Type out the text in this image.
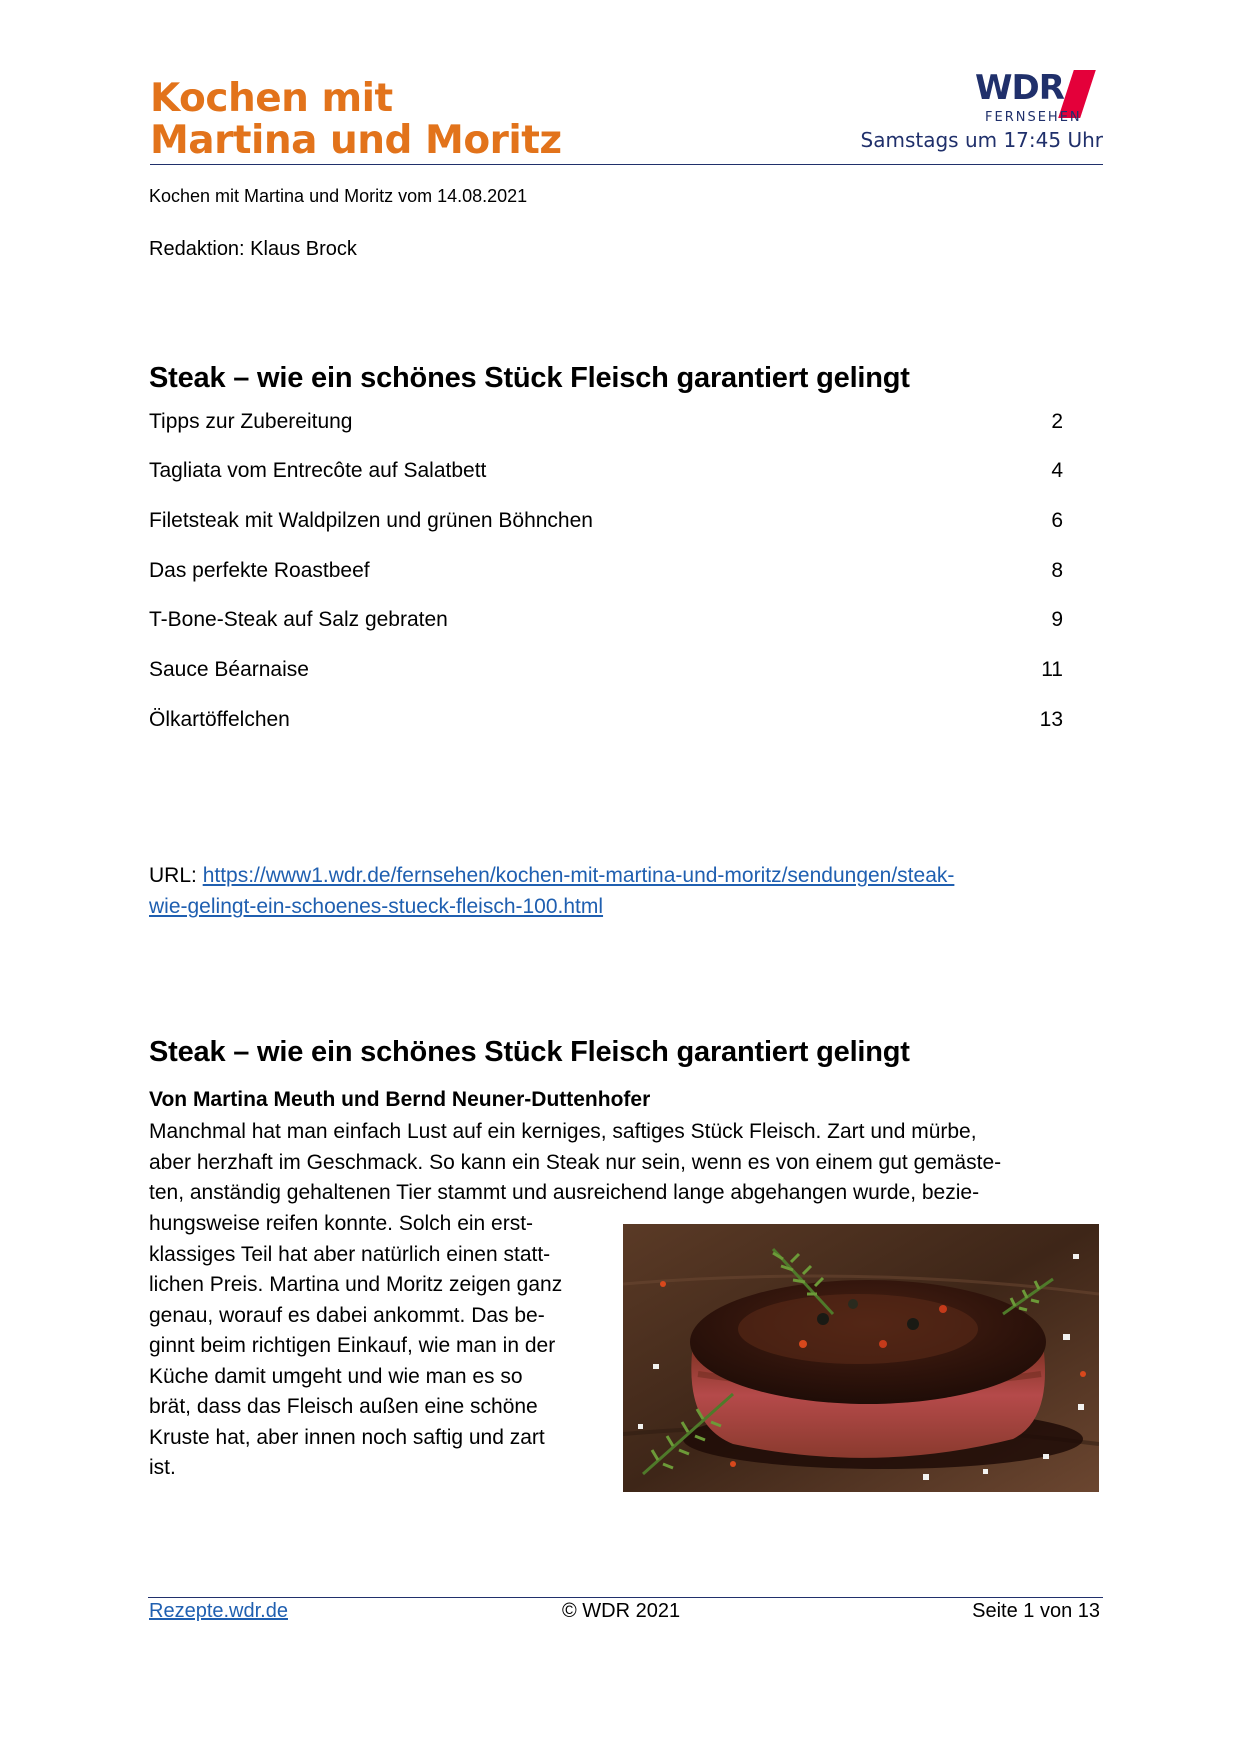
Kochen mit
Martina und Moritz
WDR
FERNSEHEN
Samstags um 17:45 Uhr
Kochen mit Martina und Moritz vom 14.08.2021
Redaktion: Klaus Brock
Steak – wie ein schönes Stück Fleisch garantiert gelingt
Tipps zur Zubereitung	2
Tagliata vom Entrecôte auf Salatbett	4
Filetsteak mit Waldpilzen und grünen Böhnchen	6
Das perfekte Roastbeef	8
T-Bone-Steak auf Salz gebraten	9
Sauce Béarnaise	11
Ölkartöffelchen	13
URL: https://www1.wdr.de/fernsehen/kochen-mit-martina-und-moritz/sendungen/steak-
wie-gelingt-ein-schoenes-stueck-fleisch-100.html
Steak – wie ein schönes Stück Fleisch garantiert gelingt
Von Martina Meuth und Bernd Neuner-Duttenhofer
Manchmal hat man einfach Lust auf ein kerniges, saftiges Stück Fleisch. Zart und mürbe,
aber herzhaft im Geschmack. So kann ein Steak nur sein, wenn es von einem gut gemäste-
ten, anständig gehaltenen Tier stammt und ausreichend lange abgehangen wurde, bezie-
hungsweise reifen konnte. Solch ein erst-
klassiges Teil hat aber natürlich einen statt-
lichen Preis. Martina und Moritz zeigen ganz
genau, worauf es dabei ankommt. Das be-
ginnt beim richtigen Einkauf, wie man in der
Küche damit umgeht und wie man es so
brät, dass das Fleisch außen eine schöne
Kruste hat, aber innen noch saftig und zart
ist.
Rezepte.wdr.de	© WDR 2021	Seite 1 von 13
